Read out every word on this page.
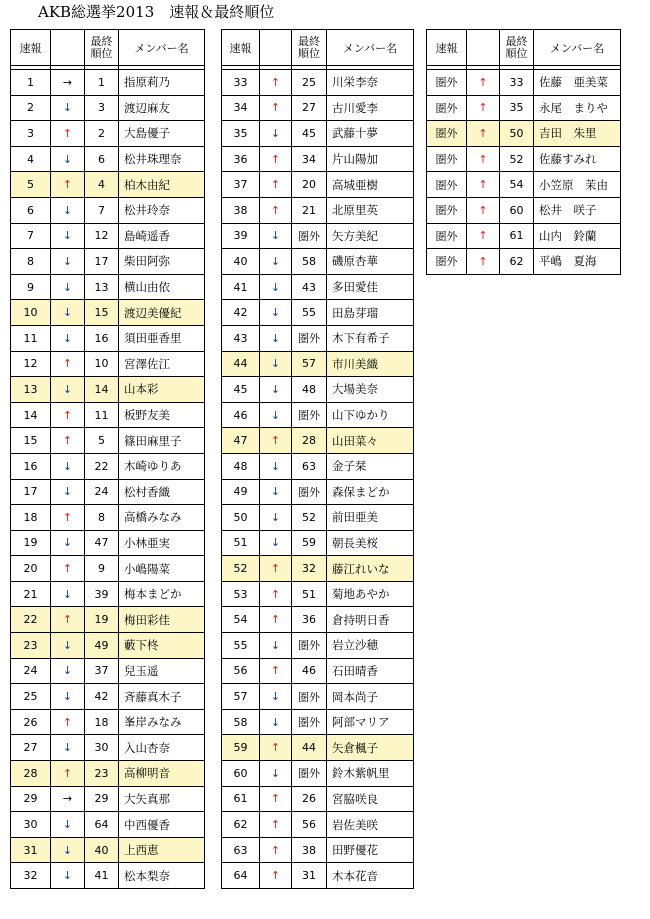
AKB総選挙2013　速報＆最終順位
速報		最終
順位	メンバー名

1	→	1	指原莉乃
2	↓	3	渡辺麻友
3	↑	2	大島優子
4	↓	6	松井珠理奈
5	↑	4	柏木由紀
6	↓	7	松井玲奈
7	↓	12	島崎遥香
8	↓	17	柴田阿弥
9	↓	13	横山由依
10	↓	15	渡辺美優紀
11	↓	16	須田亜香里
12	↑	10	宮澤佐江
13	↓	14	山本彩
14	↑	11	板野友美
15	↑	5	篠田麻里子
16	↓	22	木崎ゆりあ
17	↓	24	松村香織
18	↑	8	高橋みなみ
19	↓	47	小林亜実
20	↑	9	小嶋陽菜
21	↓	39	梅本まどか
22	↑	19	梅田彩佳
23	↓	49	藪下柊
24	↓	37	兒玉遥
25	↓	42	斉藤真木子
26	↑	18	峯岸みなみ
27	↓	30	入山杏奈
28	↑	23	高柳明音
29	→	29	大矢真那
30	↓	64	中西優香
31	↓	40	上西恵
32	↓	41	松本梨奈
速報		最終
順位	メンバー名

33	↑	25	川栄李奈
34	↑	27	古川愛李
35	↓	45	武藤十夢
36	↑	34	片山陽加
37	↑	20	高城亜樹
38	↑	21	北原里英
39	↓	圏外	矢方美紀
40	↓	58	磯原杏華
41	↓	43	多田愛佳
42	↓	55	田島芽瑠
43	↓	圏外	木下有希子
44	↓	57	市川美織
45	↓	48	大場美奈
46	↓	圏外	山下ゆかり
47	↑	28	山田菜々
48	↓	63	金子栞
49	↓	圏外	森保まどか
50	↓	52	前田亜美
51	↓	59	朝長美桜
52	↑	32	藤江れいな
53	↑	51	菊地あやか
54	↑	36	倉持明日香
55	↓	圏外	岩立沙穂
56	↑	46	石田晴香
57	↓	圏外	岡本尚子
58	↓	圏外	阿部マリア
59	↑	44	矢倉楓子
60	↓	圏外	鈴木紫帆里
61	↑	26	宮脇咲良
62	↑	56	岩佐美咲
63	↑	38	田野優花
64	↑	31	木本花音
速報		最終
順位	メンバー名

圏外	↑	33	佐藤　亜美菜
圏外	↑	35	永尾　まりや
圏外	↑	50	吉田　朱里
圏外	↑	52	佐藤すみれ
圏外	↑	54	小笠原　茉由
圏外	↑	60	松井　咲子
圏外	↑	61	山内　鈴蘭
圏外	↑	62	平嶋　夏海
